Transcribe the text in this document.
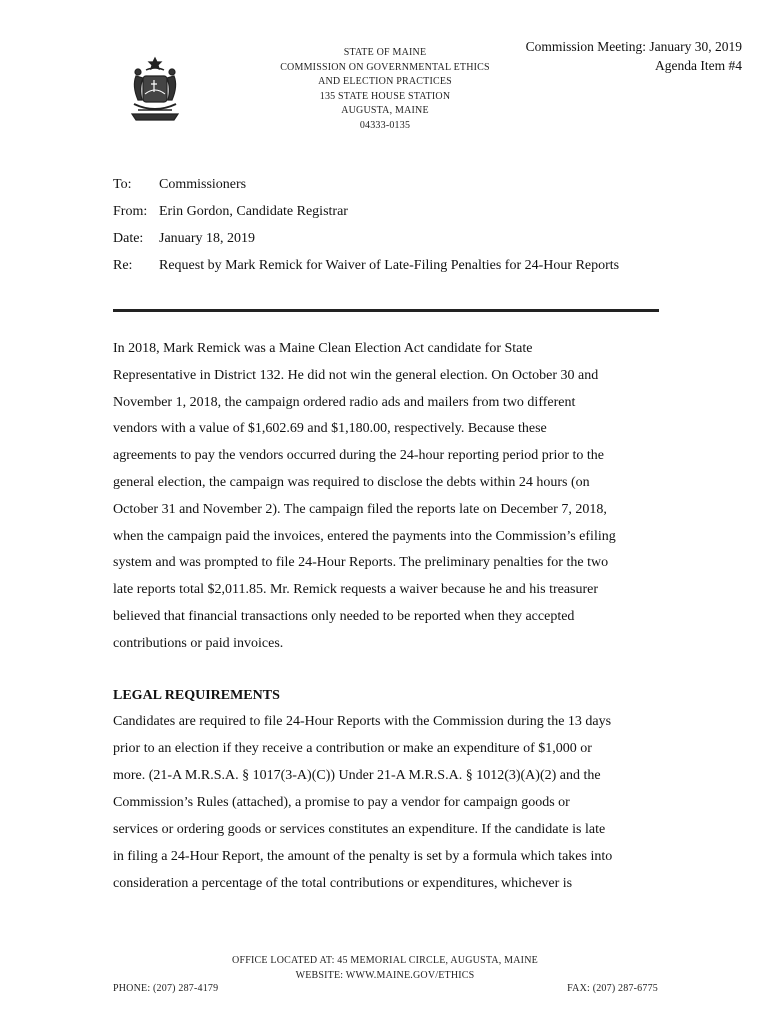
STATE OF MAINE
COMMISSION ON GOVERNMENTAL ETHICS
AND ELECTION PRACTICES
135 STATE HOUSE STATION
AUGUSTA, MAINE
04333-0135
Commission Meeting: January 30, 2019
Agenda Item #4
To:	Commissioners
From: Erin Gordon, Candidate Registrar
Date:	January 18, 2019
Re:	Request by Mark Remick for Waiver of Late-Filing Penalties for 24-Hour Reports

In 2018, Mark Remick was a Maine Clean Election Act candidate for State

Representative in District 132. He did not win the general election. On October 30 and

November 1, 2018, the campaign ordered radio ads and mailers from two different

vendors with a value of $1,602.69 and $1,180.00, respectively. Because these

agreements to pay the vendors occurred during the 24-hour reporting period prior to the

general election, the campaign was required to disclose the debts within 24 hours (on

October 31 and November 2). The campaign filed the reports late on December 7, 2018,

when the campaign paid the invoices, entered the payments into the Commission’s efiling

system and was prompted to file 24-Hour Reports. The preliminary penalties for the two

late reports total $2,011.85. Mr. Remick requests a waiver because he and his treasurer

believed that financial transactions only needed to be reported when they accepted

contributions or paid invoices.

LEGAL REQUIREMENTS

Candidates are required to file 24-Hour Reports with the Commission during the 13 days

prior to an election if they receive a contribution or make an expenditure of $1,000 or

more. (21-A M.R.S.A. § 1017(3-A)(C)) Under 21-A M.R.S.A. § 1012(3)(A)(2) and the

Commission’s Rules (attached), a promise to pay a vendor for campaign goods or

services or ordering goods or services constitutes an expenditure. If the candidate is late

in filing a 24-Hour Report, the amount of the penalty is set by a formula which takes into

consideration a percentage of the total contributions or expenditures, whichever is

OFFICE LOCATED AT: 45 MEMORIAL CIRCLE, AUGUSTA, MAINE
WEBSITE: WWW.MAINE.GOV/ETHICS
PHONE: (207) 287-4179	FAX: (207) 287-6775
